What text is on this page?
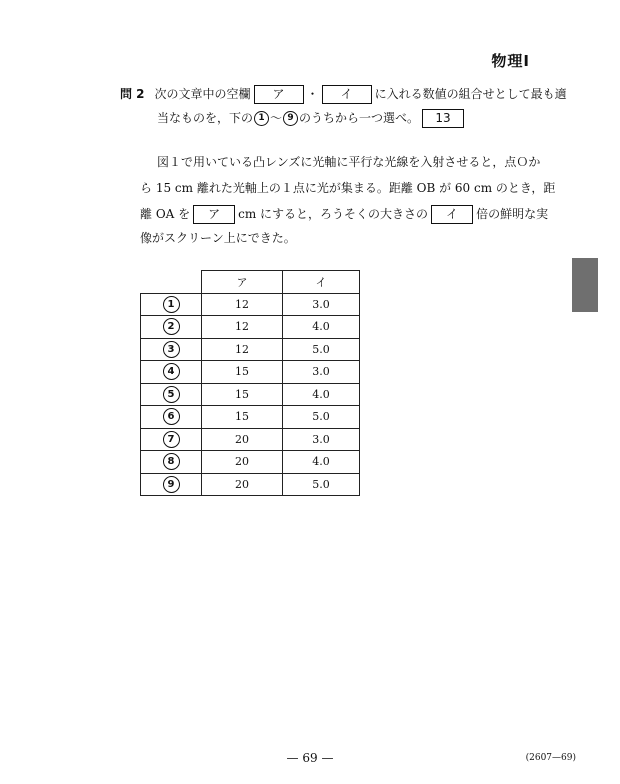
物理Ⅰ
問 2 次の文章中の空欄 ア ・ イ に入れる数値の組合せとして最も適
当なものを，下の 1 〜 9 のうちから一つ選べ。 13
図１で用いている凸レンズに光軸に平行な光線を入射させると，点Ｏか
ら 15 cm 離れた光軸上の１点に光が集まる。距離 OB が 60 cm のとき，距
離 OA を ア cm にすると，ろうそくの大きさの イ 倍の鮮明な実
像がスクリーン上にできた。
	ア	イ
1	12	3.0
2	12	4.0
3	12	5.0
4	15	3.0
5	15	4.0
6	15	5.0
7	20	3.0
8	20	4.0
9	20	5.0
— 69 —	(2607—69)
